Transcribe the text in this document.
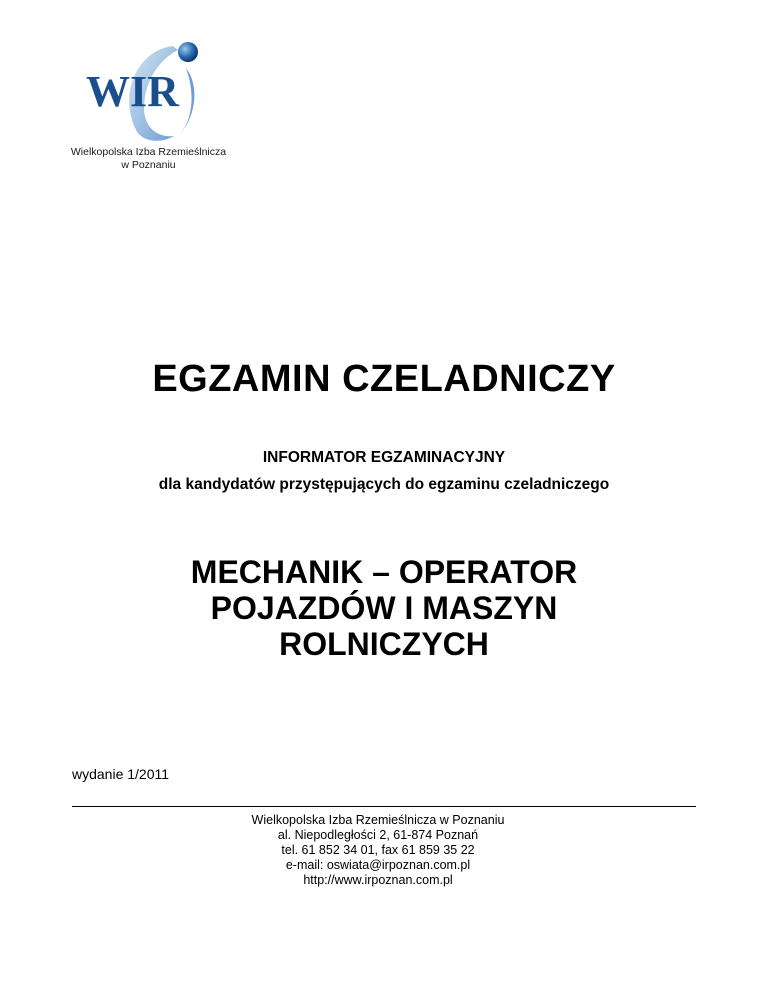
WIR
Wielkopolska Izba Rzemieślnicza
w Poznaniu
EGZAMIN CZELADNICZY
INFORMATOR EGZAMINACYJNY
dla kandydatów przystępujących do egzaminu czeladniczego
MECHANIK – OPERATOR
POJAZDÓW I MASZYN
ROLNICZYCH
wydanie 1/2011
Wielkopolska Izba Rzemieślnicza w Poznaniu
al. Niepodległości 2, 61-874 Poznań
tel. 61 852 34 01, fax 61 859 35 22
e-mail: oswiata@irpoznan.com.pl
http://www.irpoznan.com.pl
